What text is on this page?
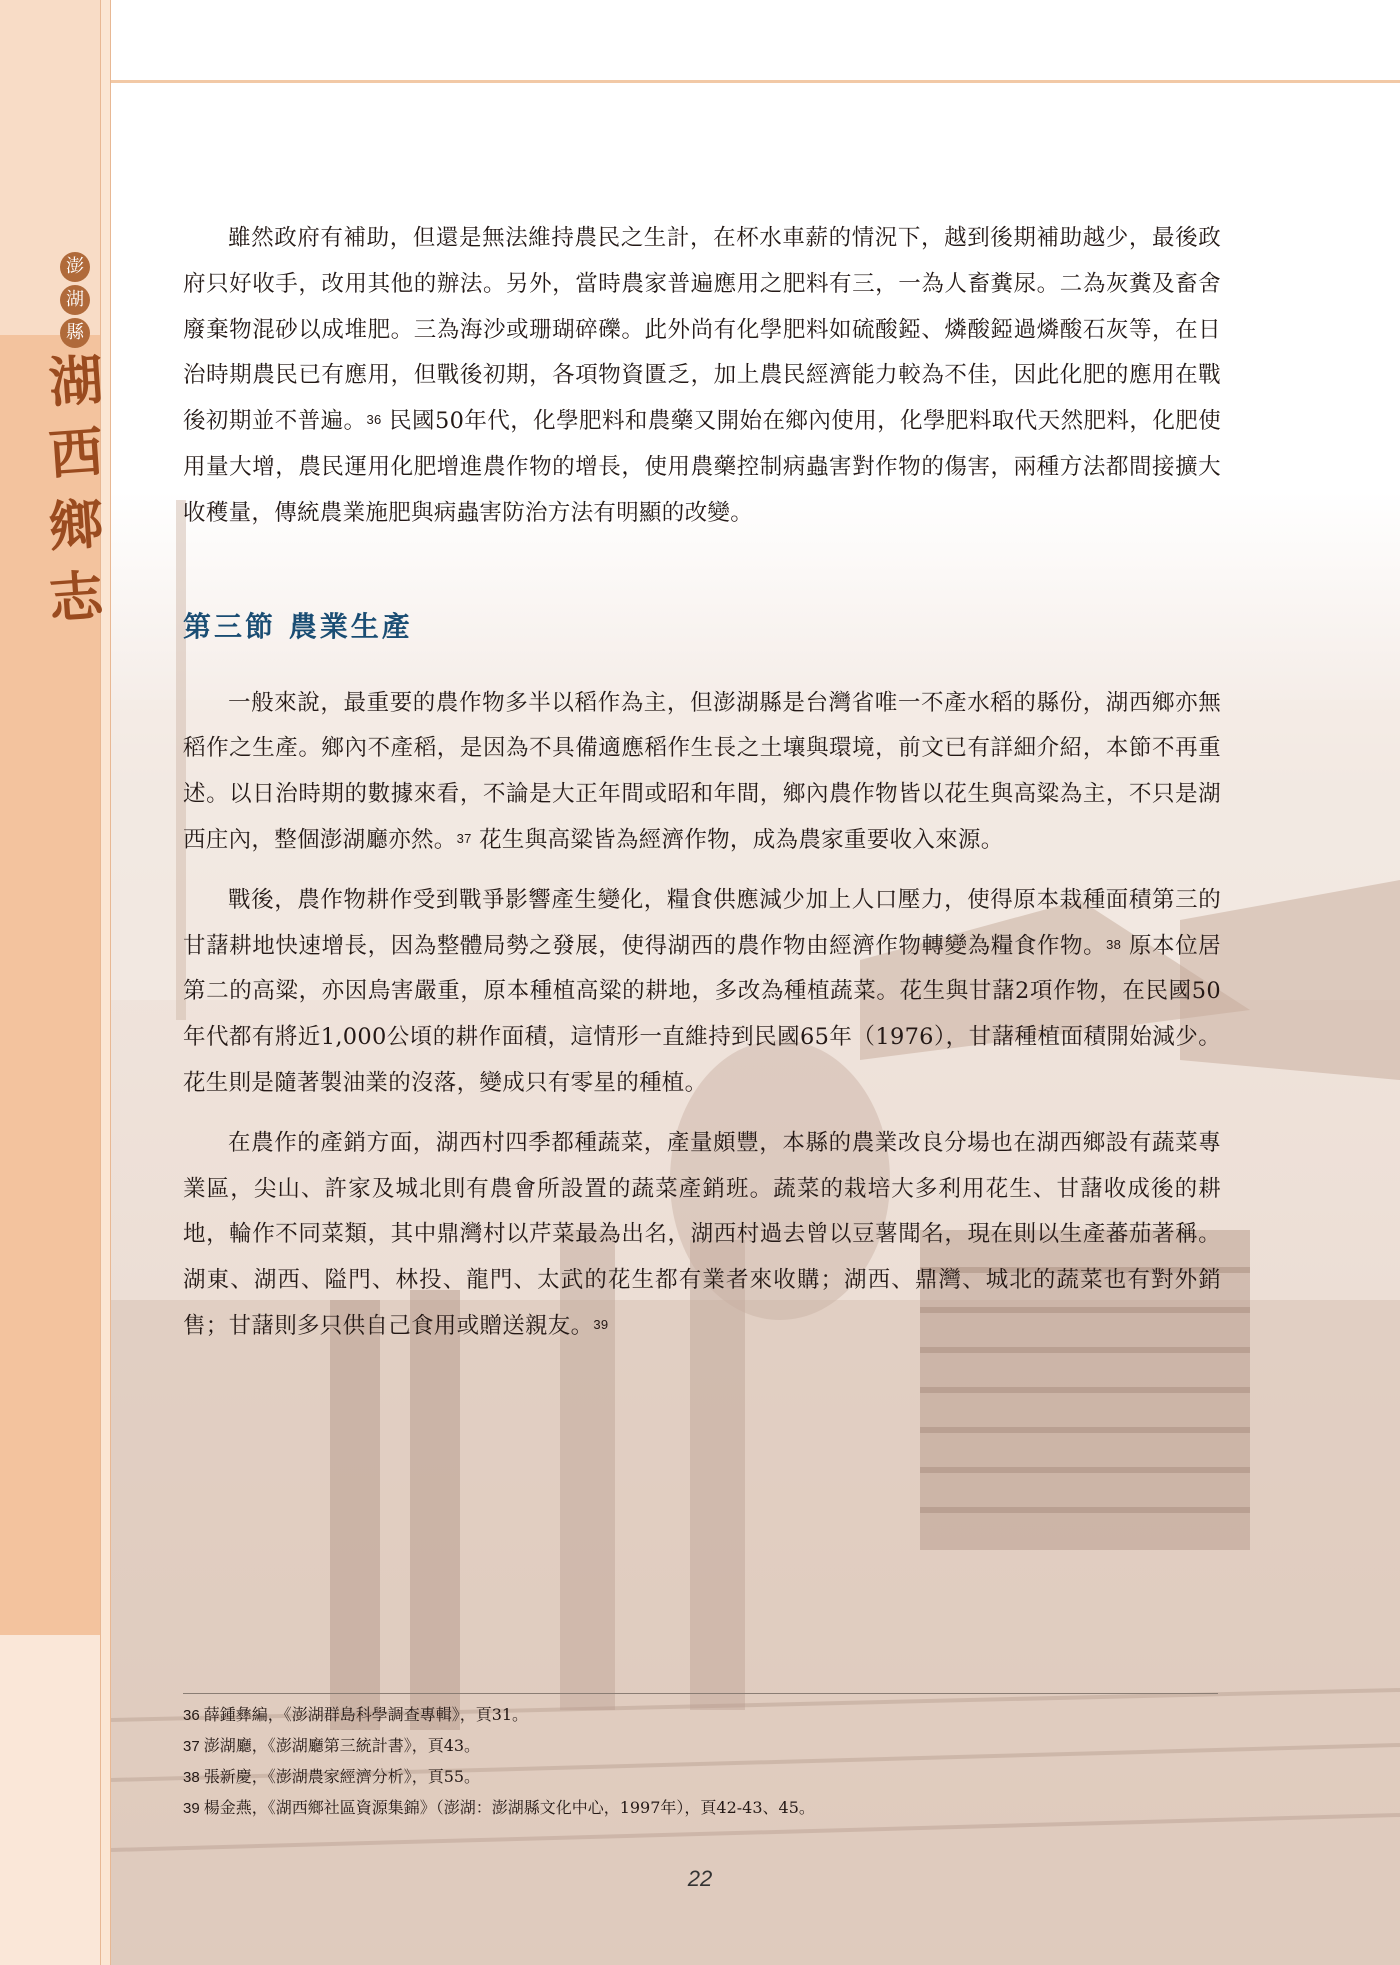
澎
湖
縣
湖
西
鄉
志

雖然政府有補助，但還是無法維持農民之生計，在杯水車薪的情況下，越到後期補助越少，最後政府只好收手，改用其他的辦法。另外，當時農家普遍應用之肥料有三，一為人畜糞尿。二為灰糞及畜舍廢棄物混砂以成堆肥。三為海沙或珊瑚碎礫。此外尚有化學肥料如硫酸錏、燐酸錏過燐酸石灰等，在日治時期農民已有應用，但戰後初期，各項物資匱乏，加上農民經濟能力較為不佳，因此化肥的應用在戰後初期並不普遍。$^{36}$ 民國50年代，化學肥料和農藥又開始在鄉內使用，化學肥料取代天然肥料，化肥使用量大增，農民運用化肥增進農作物的增長，使用農藥控制病蟲害對作物的傷害，兩種方法都間接擴大收穫量，傳統農業施肥與病蟲害防治方法有明顯的改變。

第三節 農業生產

一般來說，最重要的農作物多半以稻作為主，但澎湖縣是台灣省唯一不產水稻的縣份，湖西鄉亦無稻作之生產。鄉內不產稻，是因為不具備適應稻作生長之土壤與環境，前文已有詳細介紹，本節不再重述。以日治時期的數據來看，不論是大正年間或昭和年間，鄉內農作物皆以花生與高粱為主，不只是湖西庄內，整個澎湖廳亦然。$^{37}$ 花生與高粱皆為經濟作物，成為農家重要收入來源。

戰後，農作物耕作受到戰爭影響產生變化，糧食供應減少加上人口壓力，使得原本栽種面積第三的甘藷耕地快速增長，因為整體局勢之發展，使得湖西的農作物由經濟作物轉變為糧食作物。$^{38}$ 原本位居第二的高粱，亦因鳥害嚴重，原本種植高粱的耕地，多改為種植蔬菜。花生與甘藷2項作物，在民國50年代都有將近1,000公頃的耕作面積，這情形一直維持到民國65年（1976），甘藷種植面積開始減少。花生則是隨著製油業的沒落，變成只有零星的種植。

在農作的產銷方面，湖西村四季都種蔬菜，產量頗豐，本縣的農業改良分場也在湖西鄉設有蔬菜專業區，尖山、許家及城北則有農會所設置的蔬菜產銷班。蔬菜的栽培大多利用花生、甘藷收成後的耕地，輪作不同菜類，其中鼎灣村以芹菜最為出名，湖西村過去曾以豆薯聞名，現在則以生產蕃茄著稱。湖東、湖西、隘門、林投、龍門、太武的花生都有業者來收購；湖西、鼎灣、城北的蔬菜也有對外銷售；甘藷則多只供自己食用或贈送親友。$^{39}$

36 薛鍾彝編，《澎湖群島科學調查專輯》，頁31。

37 澎湖廳，《澎湖廳第三統計書》，頁43。

38 張新慶，《澎湖農家經濟分析》，頁55。

39 楊金燕，《湖西鄉社區資源集錦》（澎湖：澎湖縣文化中心，1997年），頁42-43、45。

22
